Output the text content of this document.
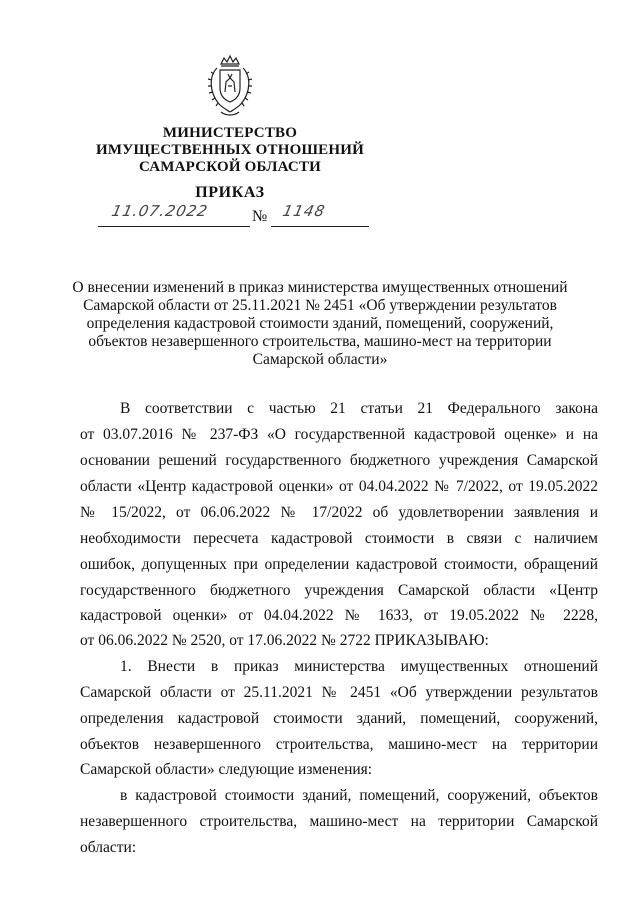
МИНИСТЕРСТВО
ИМУЩЕСТВЕННЫХ ОТНОШЕНИЙ
САМАРСКОЙ ОБЛАСТИ
ПРИКАЗ
11.07.2022	№ 1148
О внесении изменений в приказ министерства имущественных отношений
Самарской области от 25.11.2021 № 2451 «Об утверждении результатов
определения кадастровой стоимости зданий, помещений, сооружений,
объектов незавершенного строительства, машино-мест на территории
Самарской области»
В соответствии с частью 21 статьи 21 Федерального закона
от 03.07.2016 № 237-ФЗ «О государственной кадастровой оценке» и на
основании решений государственного бюджетного учреждения Самарской
области «Центр кадастровой оценки» от 04.04.2022 № 7/2022, от 19.05.2022
№ 15/2022, от 06.06.2022 № 17/2022 об удовлетворении заявления и
необходимости пересчета кадастровой стоимости в связи с наличием
ошибок, допущенных при определении кадастровой стоимости, обращений
государственного бюджетного учреждения Самарской области «Центр
кадастровой оценки» от 04.04.2022 № 1633, от 19.05.2022 № 2228,
от 06.06.2022 № 2520, от 17.06.2022 № 2722 ПРИКАЗЫВАЮ:
1. Внести в приказ министерства имущественных отношений
Самарской области от 25.11.2021 № 2451 «Об утверждении результатов
определения кадастровой стоимости зданий, помещений, сооружений,
объектов незавершенного строительства, машино-мест на территории
Самарской области» следующие изменения:
в кадастровой стоимости зданий, помещений, сооружений, объектов
незавершенного строительства, машино-мест на территории Самарской
области:
